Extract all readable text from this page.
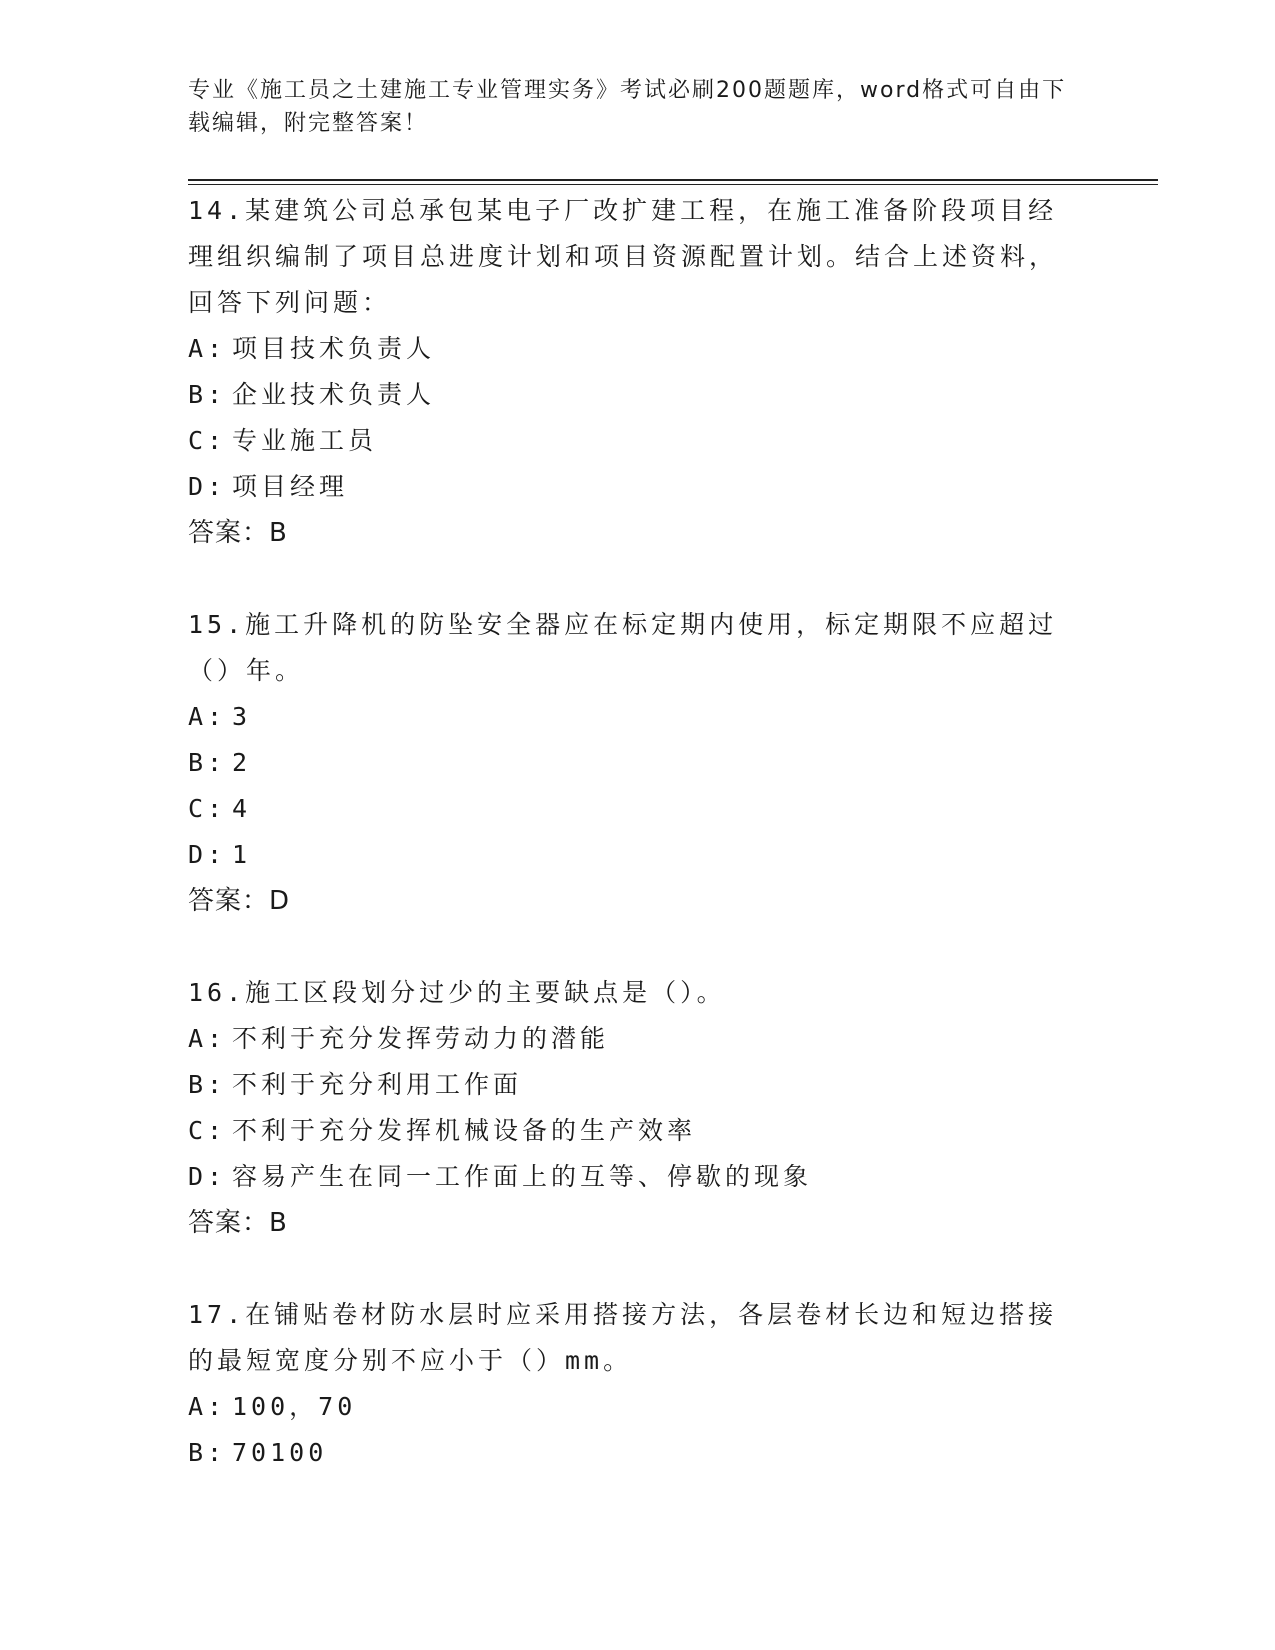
专业《施工员之土建施工专业管理实务》考试必刷200题题库，word格式可自由下载编辑，附完整答案！
14.某建筑公司总承包某电子厂改扩建工程，在施工准备阶段项目经理组织编制了项目总进度计划和项目资源配置计划。结合上述资料，回答下列问题：
A: 项目技术负责人
B: 企业技术负责人
C: 专业施工员
D: 项目经理
答案：B
15.施工升降机的防坠安全器应在标定期内使用，标定期限不应超过（）年。
A: 3
B: 2
C: 4
D: 1
答案：D
16.施工区段划分过少的主要缺点是（）。
A: 不利于充分发挥劳动力的潜能
B: 不利于充分利用工作面
C: 不利于充分发挥机械设备的生产效率
D: 容易产生在同一工作面上的互等、停歇的现象
答案：B
17.在铺贴卷材防水层时应采用搭接方法，各层卷材长边和短边搭接的最短宽度分别不应小于（）mm。
A: 100，70
B: 70100
